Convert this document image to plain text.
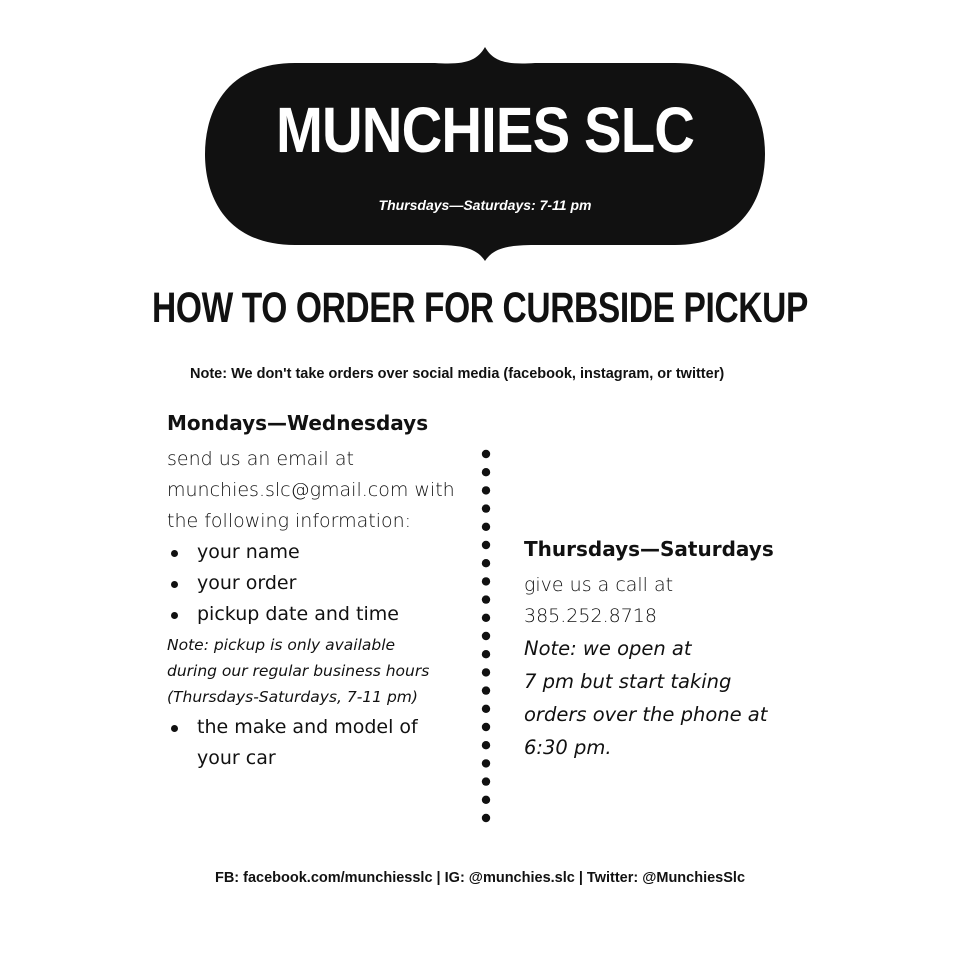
MUNCHIES SLC
Thursdays—Saturdays: 7-11 pm
HOW TO ORDER FOR CURBSIDE PICKUP
Note: We don't take orders over social media (facebook, instagram, or twitter)
Mondays—Wednesdays

send us an email at

munchies.slc@gmail.com with

the following information:

your name
your order
pickup date and time
Note: pickup is only available
during our regular business hours
(Thursdays-Saturdays, 7-11 pm)
the make and model of
your car
Thursdays—Saturdays

give us a call at

385.252.8718

Note: we open at

7 pm but start taking

orders over the phone at

6:30 pm.

FB: facebook.com/munchiesslc | IG: @munchies.slc | Twitter: @MunchiesSlc
